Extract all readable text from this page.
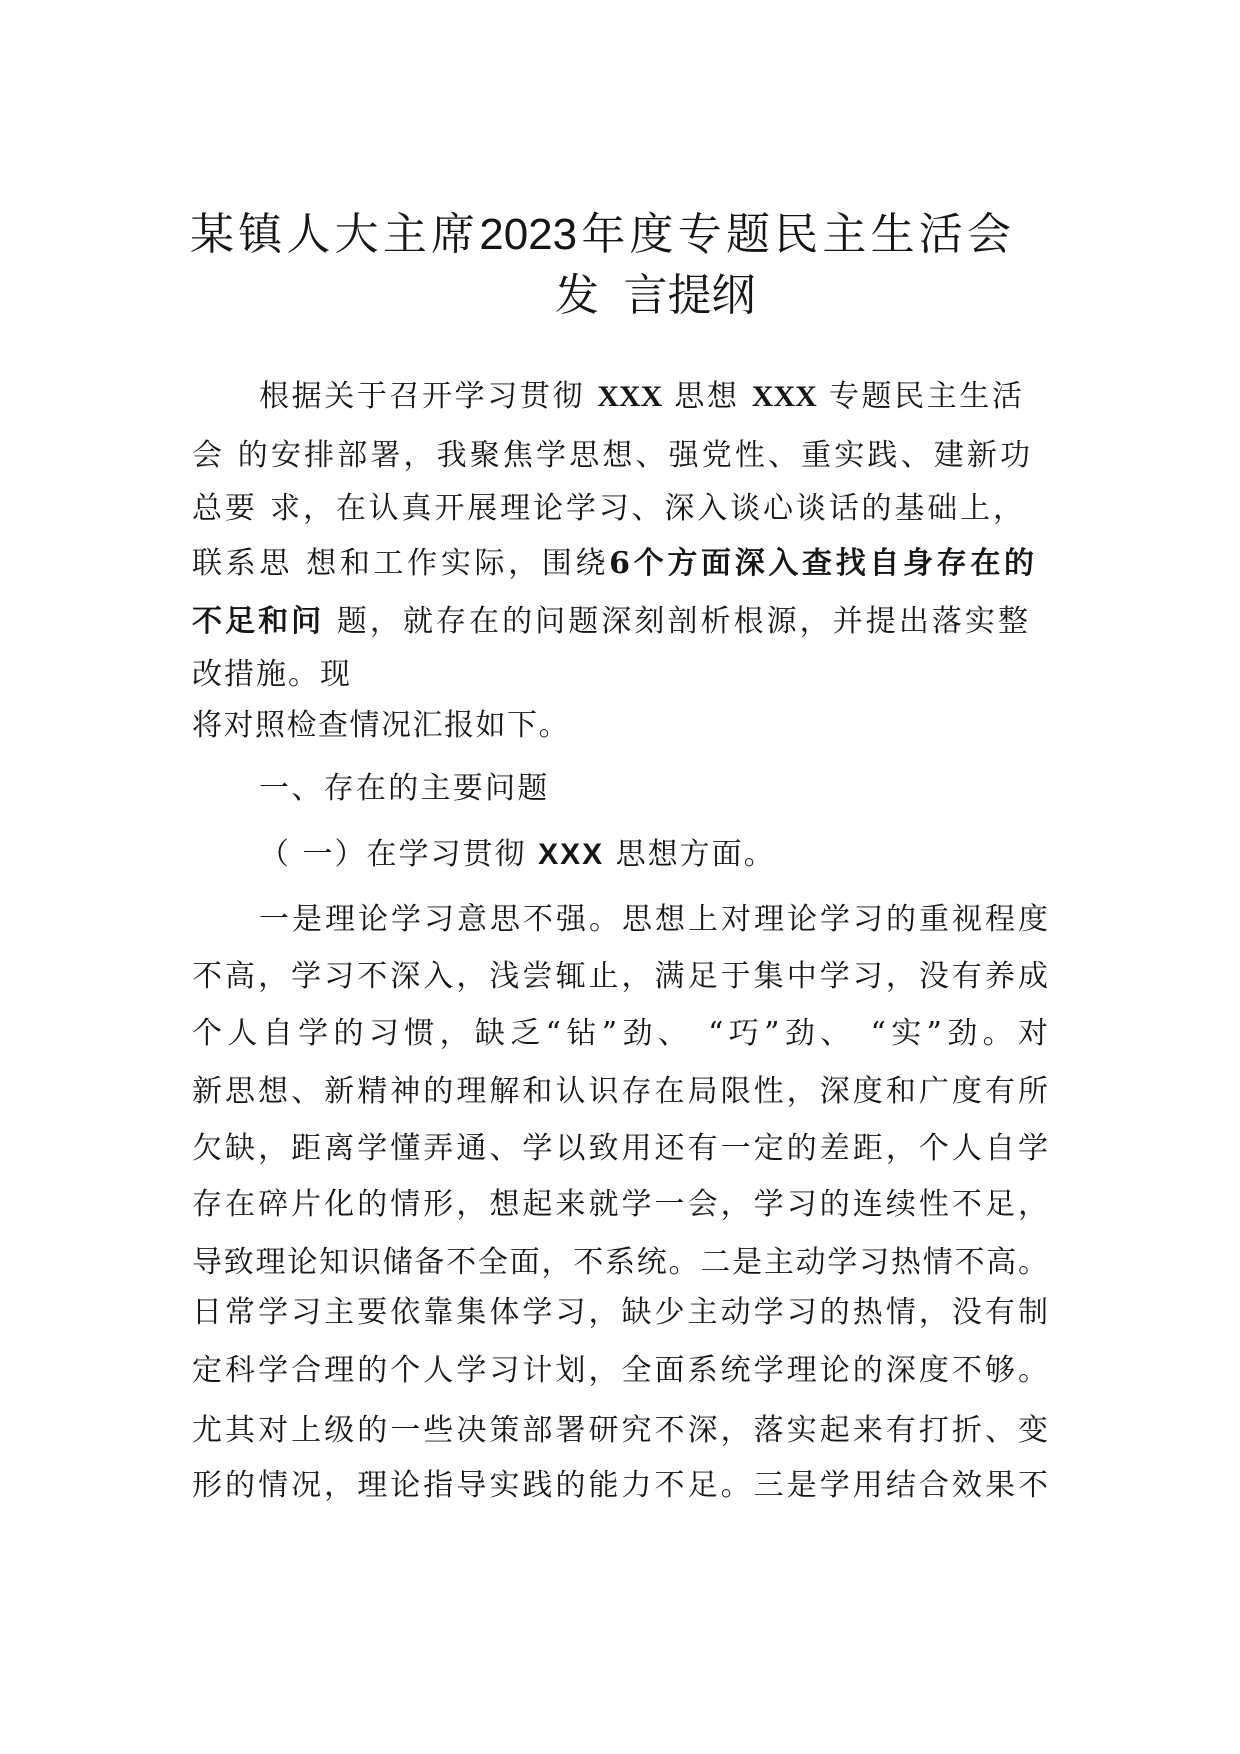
某镇人大主席2023年度专题民主生活会
发  言提纲
根据关于召开学习贯彻 XXX 思想 XXX 专题民主生活
会 的安排部署，我聚焦学思想、强党性、重实践、建新功
总要 求，在认真开展理论学习、深入谈心谈话的基础上，
联系思 想和工作实际，围绕6个方面深入查找自身存在的
不足和问 题，就存在的问题深刻剖析根源，并提出落实整
改措施。现
将对照检查情况汇报如下。
一、存在的主要问题
（ 一）在学习贯彻 XXX 思想方面。
一是理论学习意思不强。思想上对理论学习的重视程度
不高，学习不深入，浅尝辄止，满足于集中学习，没有养成
个人自学的习惯，缺乏“钻”劲、 “巧”劲、 “实”劲。对
新思想、新精神的理解和认识存在局限性，深度和广度有所
欠缺，距离学懂弄通、学以致用还有一定的差距，个人自学
存在碎片化的情形，想起来就学一会，学习的连续性不足，
导致理论知识储备不全面，不系统。二是主动学习热情不高。
日常学习主要依靠集体学习，缺少主动学习的热情，没有制
定科学合理的个人学习计划，全面系统学理论的深度不够。
尤其对上级的一些决策部署研究不深，落实起来有打折、变
形的情况，理论指导实践的能力不足。三是学用结合效果不
